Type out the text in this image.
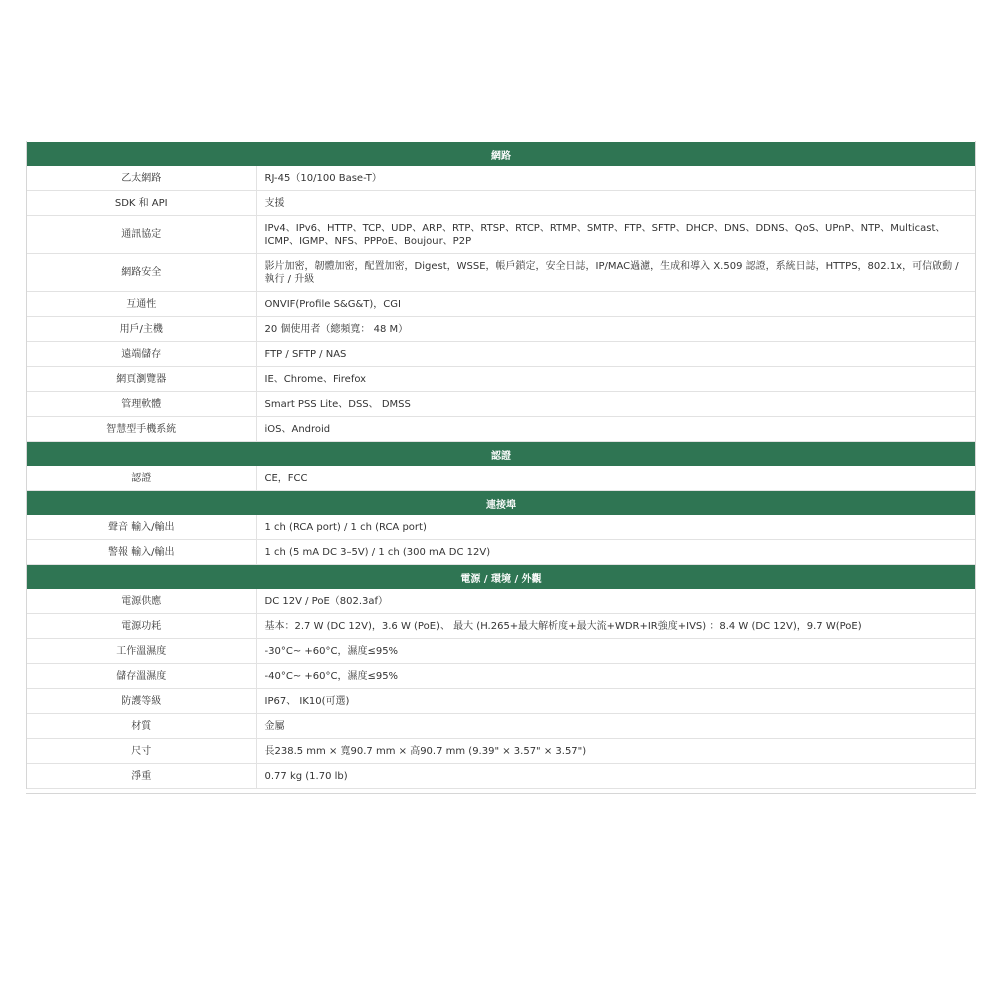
網路	
乙太網路	RJ-45（10/100 Base-T）
SDK 和 API	支援
通訊協定	IPv4、IPv6、HTTP、TCP、UDP、ARP、RTP、RTSP、RTCP、RTMP、SMTP、FTP、SFTP、DHCP、DNS、DDNS、QoS、UPnP、NTP、Multicast、ICMP、IGMP、NFS、PPPoE、Boujour、P2P
網路安全	影片加密，韌體加密，配置加密，Digest，WSSE，帳戶鎖定，安全日誌，IP/MAC過濾，生成和導入 X.509 認證，系統日誌，HTTPS，802.1x，可信啟動 / 執行 / 升級
互通性	ONVIF(Profile S&G&T)，CGI
用戶/主機	20 個使用者（總頻寬： 48 M）
遠端儲存	FTP / SFTP / NAS
網頁瀏覽器	IE、Chrome、Firefox
管理軟體	Smart PSS Lite、DSS、 DMSS
智慧型手機系統	iOS、Android
認證	
認證	CE，FCC
連接埠	
聲音 輸入/輸出	1 ch (RCA port) / 1 ch (RCA port)
警報 輸入/輸出	1 ch (5 mA DC 3–5V) / 1 ch (300 mA DC 12V)
電源 / 環境 / 外觀	
電源供應	DC 12V / PoE（802.3af）
電源功耗	基本：2.7 W (DC 12V)，3.6 W (PoE)、 最大 (H.265+最大解析度+最大流+WDR+IR強度+IVS) ：8.4 W (DC 12V)，9.7 W(PoE)
工作溫濕度	-30°C~ +60°C，濕度≤95%
儲存溫濕度	-40°C~ +60°C，濕度≤95%
防護等級	IP67、 IK10(可選)
材質	金屬
尺寸	長238.5 mm × 寬90.7 mm × 高90.7 mm (9.39" × 3.57" × 3.57")
淨重	0.77 kg (1.70 lb)
